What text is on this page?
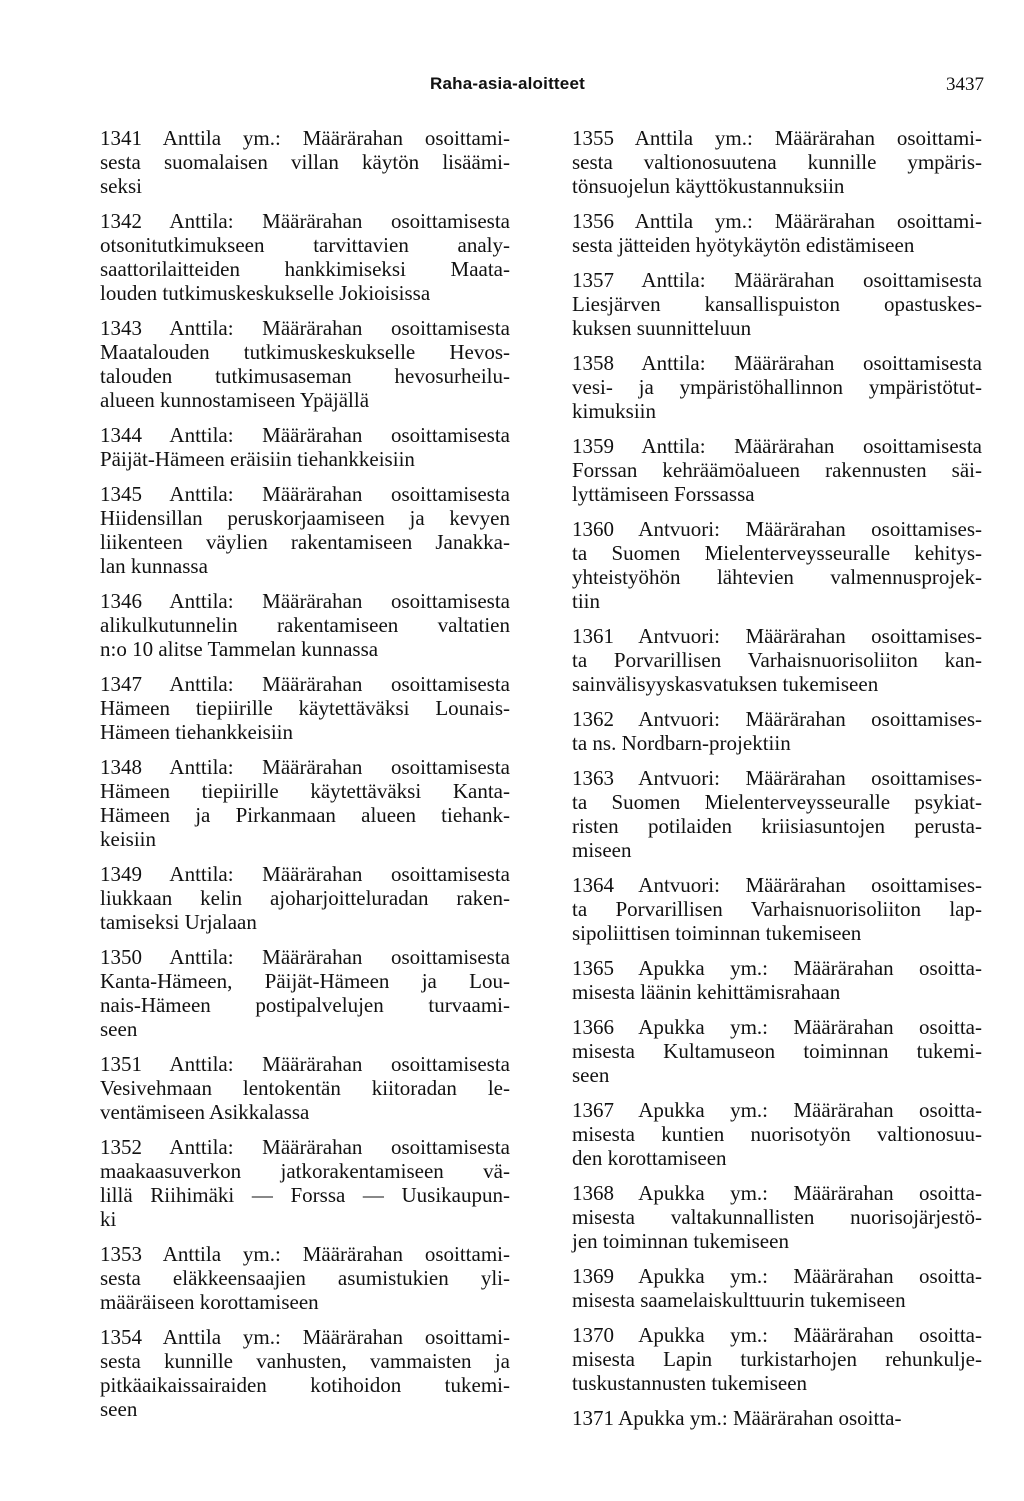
Raha-asia-aloitteet	3437
1341 Anttila ym.: Määrärahan osoittami-
sesta suomalaisen villan käytön lisäämi-
seksi
1342 Anttila: Määrärahan osoittamisesta
otsonitutkimukseen tarvittavien analy-
saattorilaitteiden hankkimiseksi Maata-
louden tutkimuskeskukselle Jokioisissa
1343 Anttila: Määrärahan osoittamisesta
Maatalouden tutkimuskeskukselle Hevos-
talouden tutkimusaseman hevosurheilu-
alueen kunnostamiseen Ypäjällä
1344 Anttila: Määrärahan osoittamisesta
Päijät-Hämeen eräisiin tiehankkeisiin
1345 Anttila: Määrärahan osoittamisesta
Hiidensillan peruskorjaamiseen ja kevyen
liikenteen väylien rakentamiseen Janakka-
lan kunnassa
1346 Anttila: Määrärahan osoittamisesta
alikulkutunnelin rakentamiseen valtatien
n:o 10 alitse Tammelan kunnassa
1347 Anttila: Määrärahan osoittamisesta
Hämeen tiepiirille käytettäväksi Lounais-
Hämeen tiehankkeisiin
1348 Anttila: Määrärahan osoittamisesta
Hämeen tiepiirille käytettäväksi Kanta-
Hämeen ja Pirkanmaan alueen tiehank-
keisiin
1349 Anttila: Määrärahan osoittamisesta
liukkaan kelin ajoharjoitteluradan raken-
tamiseksi Urjalaan
1350 Anttila: Määrärahan osoittamisesta
Kanta-Hämeen, Päijät-Hämeen ja Lou-
nais-Hämeen postipalvelujen turvaami-
seen
1351 Anttila: Määrärahan osoittamisesta
Vesivehmaan lentokentän kiitoradan le-
ventämiseen Asikkalassa
1352 Anttila: Määrärahan osoittamisesta
maakaasuverkon jatkorakentamiseen vä-
lillä Riihimäki — Forssa — Uusikaupun-
ki
1353 Anttila ym.: Määrärahan osoittami-
sesta eläkkeensaajien asumistukien yli-
määräiseen korottamiseen
1354 Anttila ym.: Määrärahan osoittami-
sesta kunnille vanhusten, vammaisten ja
pitkäaikaissairaiden kotihoidon tukemi-
seen
1355 Anttila ym.: Määrärahan osoittami-
sesta valtionosuutena kunnille ympäris-
tönsuojelun käyttökustannuksiin
1356 Anttila ym.: Määrärahan osoittami-
sesta jätteiden hyötykäytön edistämiseen
1357 Anttila: Määrärahan osoittamisesta
Liesjärven kansallispuiston opastuskes-
kuksen suunnitteluun
1358 Anttila: Määrärahan osoittamisesta
vesi- ja ympäristöhallinnon ympäristötut-
kimuksiin
1359 Anttila: Määrärahan osoittamisesta
Forssan kehräämöalueen rakennusten säi-
lyttämiseen Forssassa
1360 Antvuori: Määrärahan osoittamises-
ta Suomen Mielenterveysseuralle kehitys-
yhteistyöhön lähtevien valmennusprojek-
tiin
1361 Antvuori: Määrärahan osoittamises-
ta Porvarillisen Varhaisnuorisoliiton kan-
sainvälisyyskasvatuksen tukemiseen
1362 Antvuori: Määrärahan osoittamises-
ta ns. Nordbarn-projektiin
1363 Antvuori: Määrärahan osoittamises-
ta Suomen Mielenterveysseuralle psykiat-
risten potilaiden kriisiasuntojen perusta-
miseen
1364 Antvuori: Määrärahan osoittamises-
ta Porvarillisen Varhaisnuorisoliiton lap-
sipoliittisen toiminnan tukemiseen
1365 Apukka ym.: Määrärahan osoitta-
misesta läänin kehittämisrahaan
1366 Apukka ym.: Määrärahan osoitta-
misesta Kultamuseon toiminnan tukemi-
seen
1367 Apukka ym.: Määrärahan osoitta-
misesta kuntien nuorisotyön valtionosuu-
den korottamiseen
1368 Apukka ym.: Määrärahan osoitta-
misesta valtakunnallisten nuorisojärjestö-
jen toiminnan tukemiseen
1369 Apukka ym.: Määrärahan osoitta-
misesta saamelaiskulttuurin tukemiseen
1370 Apukka ym.: Määrärahan osoitta-
misesta Lapin turkistarhojen rehunkulje-
tuskustannusten tukemiseen
1371 Apukka ym.: Määrärahan osoitta-
